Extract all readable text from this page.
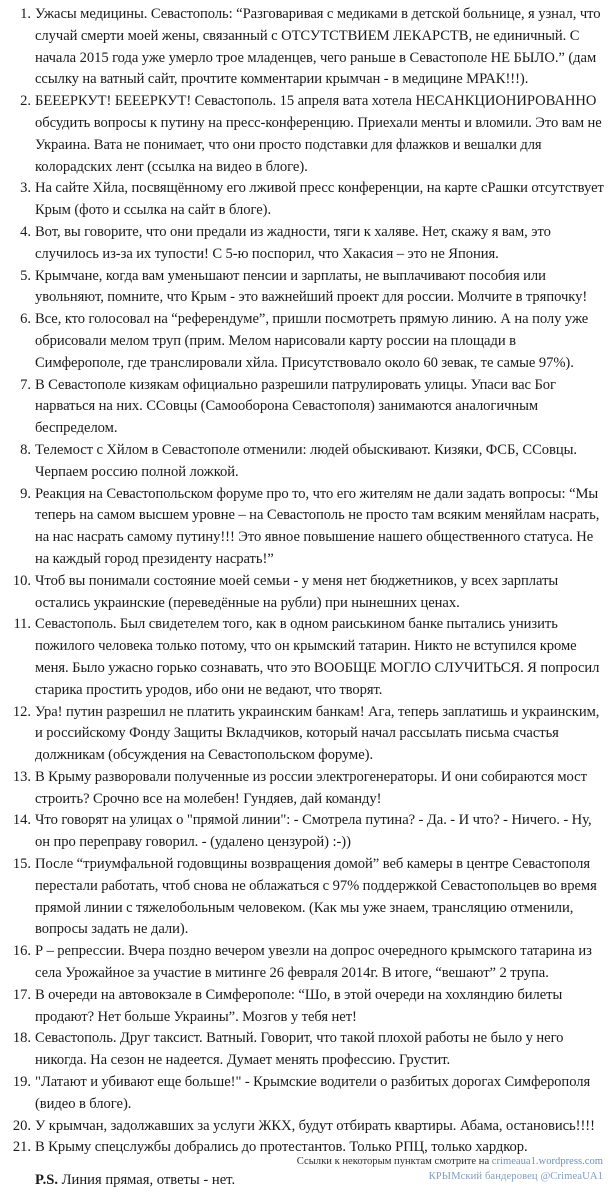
1. Ужасы медицины. Севастополь: “Разговаривая с медиками в детской больнице, я узнал, что случай смерти моей жены, связанный с ОТСУТСТВИЕМ ЛЕКАРСТВ, не единичный. С начала 2015 года уже умерло трое младенцев, чего раньше в Севастополе НЕ БЫЛО.” (дам ссылку на ватный сайт, прочтите комментарии крымчан - в медицине МРАК!!!).
2. БЕЕЕРКУТ! БЕЕЕРКУТ! Севастополь. 15 апреля вата хотела НЕСАНКЦИОНИРОВАННО обсудить вопросы к путину на пресс-конференцию. Приехали менты и вломили. Это вам не Украина. Вата не понимает, что они просто подставки для флажков и вешалки для колорадских лент (ссылка на видео в блоге).
3. На сайте Хйла, посвящённому его лживой пресс конференции, на карте сРашки отсутствует Крым (фото и ссылка на сайт в блоге).
4. Вот, вы говорите, что они предали из жадности, тяги к халяве. Нет, скажу я вам, это случилось из-за их тупости! С 5-ю поспорил, что Хакасия – это не Япония.
5. Крымчане, когда вам уменьшают пенсии и зарплаты, не выплачивают пособия или увольняют, помните, что Крым - это важнейший проект для россии. Молчите в тряпочку!
6. Все, кто голосовал на “референдуме”, пришли посмотреть прямую линию. А на полу уже обрисовали мелом труп (прим. Мелом нарисовали карту россии на площади в Симферополе, где транслировали хйла. Присутствовало около 60 зевак, те самые 97%).
7. В Севастополе кизякам официально разрешили патрулировать улицы. Упаси вас Бог нарваться на них. ССовцы (Самооборона Севастополя) занимаются аналогичным беспределом.
8. Телемост с Хйлом в Севастополе отменили: людей обыскивают. Кизяки, ФСБ, ССовцы. Черпаем россию полной ложкой.
9. Реакция на Севастопольском форуме про то, что его жителям не дали задать вопросы: “Мы теперь на самом высшем уровне – на Севастополь не просто там всяким меняйлам насрать, на нас насрать самому путину!!! Это явное повышение нашего общественного статуса. Не на каждый город президенту насрать!”
10. Чтоб вы понимали состояние моей семьи - у меня нет бюджетников, у всех зарплаты остались украинские (переведённые на рубли) при нынешних ценах.
11. Севастополь. Был свидетелем того, как в одном раиськином банке пытались унизить пожилого человека только потому, что он крымский татарин. Никто не вступился кроме меня. Было ужасно горько сознавать, что это ВООБЩЕ МОГЛО СЛУЧИТЬСЯ. Я попросил старика простить уродов, ибо они не ведают, что творят.
12. Ура! путин разрешил не платить украинским банкам! Ага, теперь заплатишь и украинским, и российскому Фонду Защиты Вкладчиков, который начал рассылать письма счастья должникам (обсуждения на Севастопольском форуме).
13. В Крыму разворовали полученные из россии электрогенераторы. И они собираются мост строить? Срочно все на молебен! Гундяев, дай команду!
14. Что говорят на улицах о "прямой линии": - Смотрела путина? - Да. - И что? - Ничего. - Ну, он про переправу говорил. - (удалено цензурой) :-))
15. После “триумфальной годовщины возвращения домой” веб камеры в центре Севастополя перестали работать, чтоб снова не облажаться с 97% поддержкой Севастопольцев во время прямой линии с тяжелобольным человеком. (Как мы уже знаем, трансляцию отменили, вопросы задать не дали).
16. Р – репрессии. Вчера поздно вечером увезли на допрос очередного крымского татарина из села Урожайное за участие в митинге 26 февраля 2014г. В итоге, “вешают” 2 трупа.
17. В очереди на автовокзале в Симферополе: “Шо, в этой очереди на хохляндию билеты продают? Нет больше Украины”. Мозгов у тебя нет!
18. Севастополь. Друг таксист. Ватный. Говорит, что такой плохой работы не было у него никогда. На сезон не надеется. Думает менять профессию. Грустит.
19. "Латают и убивают еще больше!" - Крымские водители о разбитых дорогах Симферополя (видео в блоге).
20. У крымчан, задолжавших за услуги ЖКХ, будут отбирать квартиры. Абама, остановись!!!!
21. В Крыму спецслужбы добрались до протестантов. Только РПЦ, только хардкор.

P.S. Линия прямая, ответы - нет.

Ссылки к некоторым пунктам смотрите на crimeaua1.wordpress.com
КРЫМский бандеровец @CrimeaUA1
